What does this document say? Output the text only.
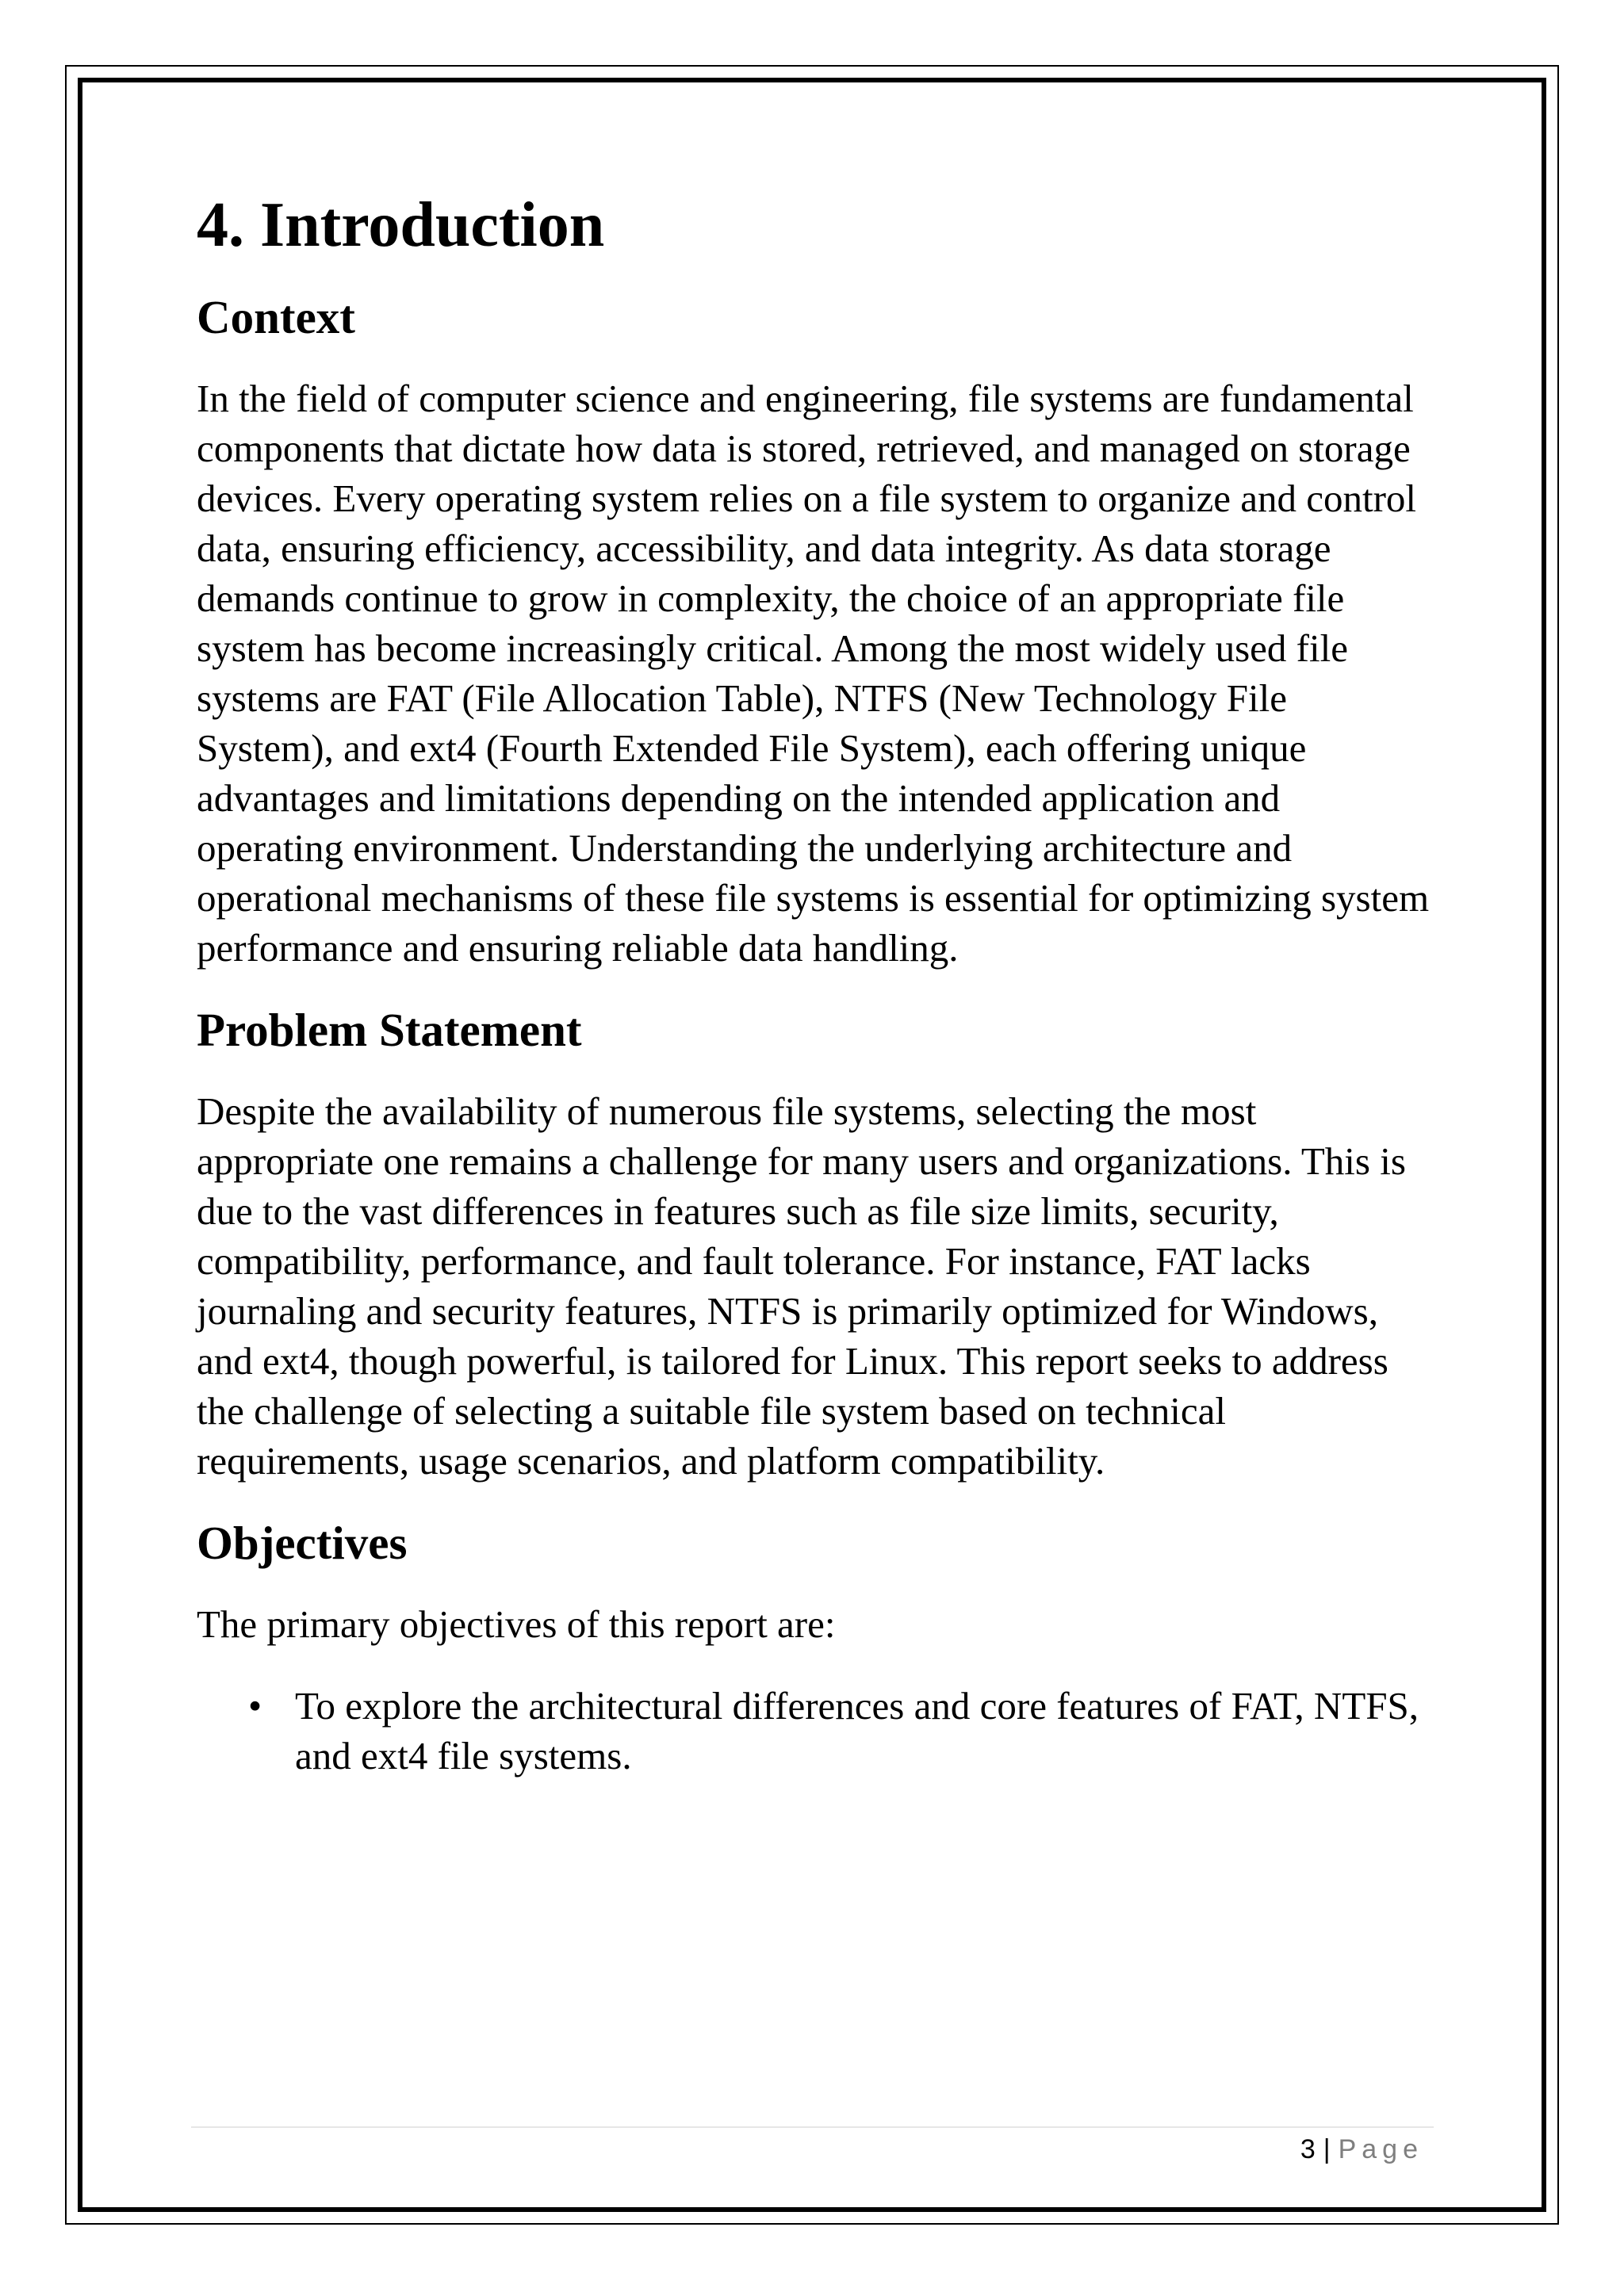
4. Introduction
Context

In the field of computer science and engineering, file systems are fundamental components that dictate how data is stored, retrieved, and managed on storage devices. Every operating system relies on a file system to organize and control data, ensuring efficiency, accessibility, and data integrity. As data storage demands continue to grow in complexity, the choice of an appropriate file system has become increasingly critical. Among the most widely used file systems are FAT (File Allocation Table), NTFS (New Technology File System), and ext4 (Fourth Extended File System), each offering unique advantages and limitations depending on the intended application and operating environment. Understanding the underlying architecture and operational mechanisms of these file systems is essential for optimizing system performance and ensuring reliable data handling.

Problem Statement

Despite the availability of numerous file systems, selecting the most appropriate one remains a challenge for many users and organizations. This is due to the vast differences in features such as file size limits, security, compatibility, performance, and fault tolerance. For instance, FAT lacks journaling and security features, NTFS is primarily optimized for Windows, and ext4, though powerful, is tailored for Linux. This report seeks to address the challenge of selecting a suitable file system based on technical requirements, usage scenarios, and platform compatibility.

Objectives

The primary objectives of this report are:

• To explore the architectural differences and core features of FAT, NTFS, and ext4 file systems.
3 | Page
